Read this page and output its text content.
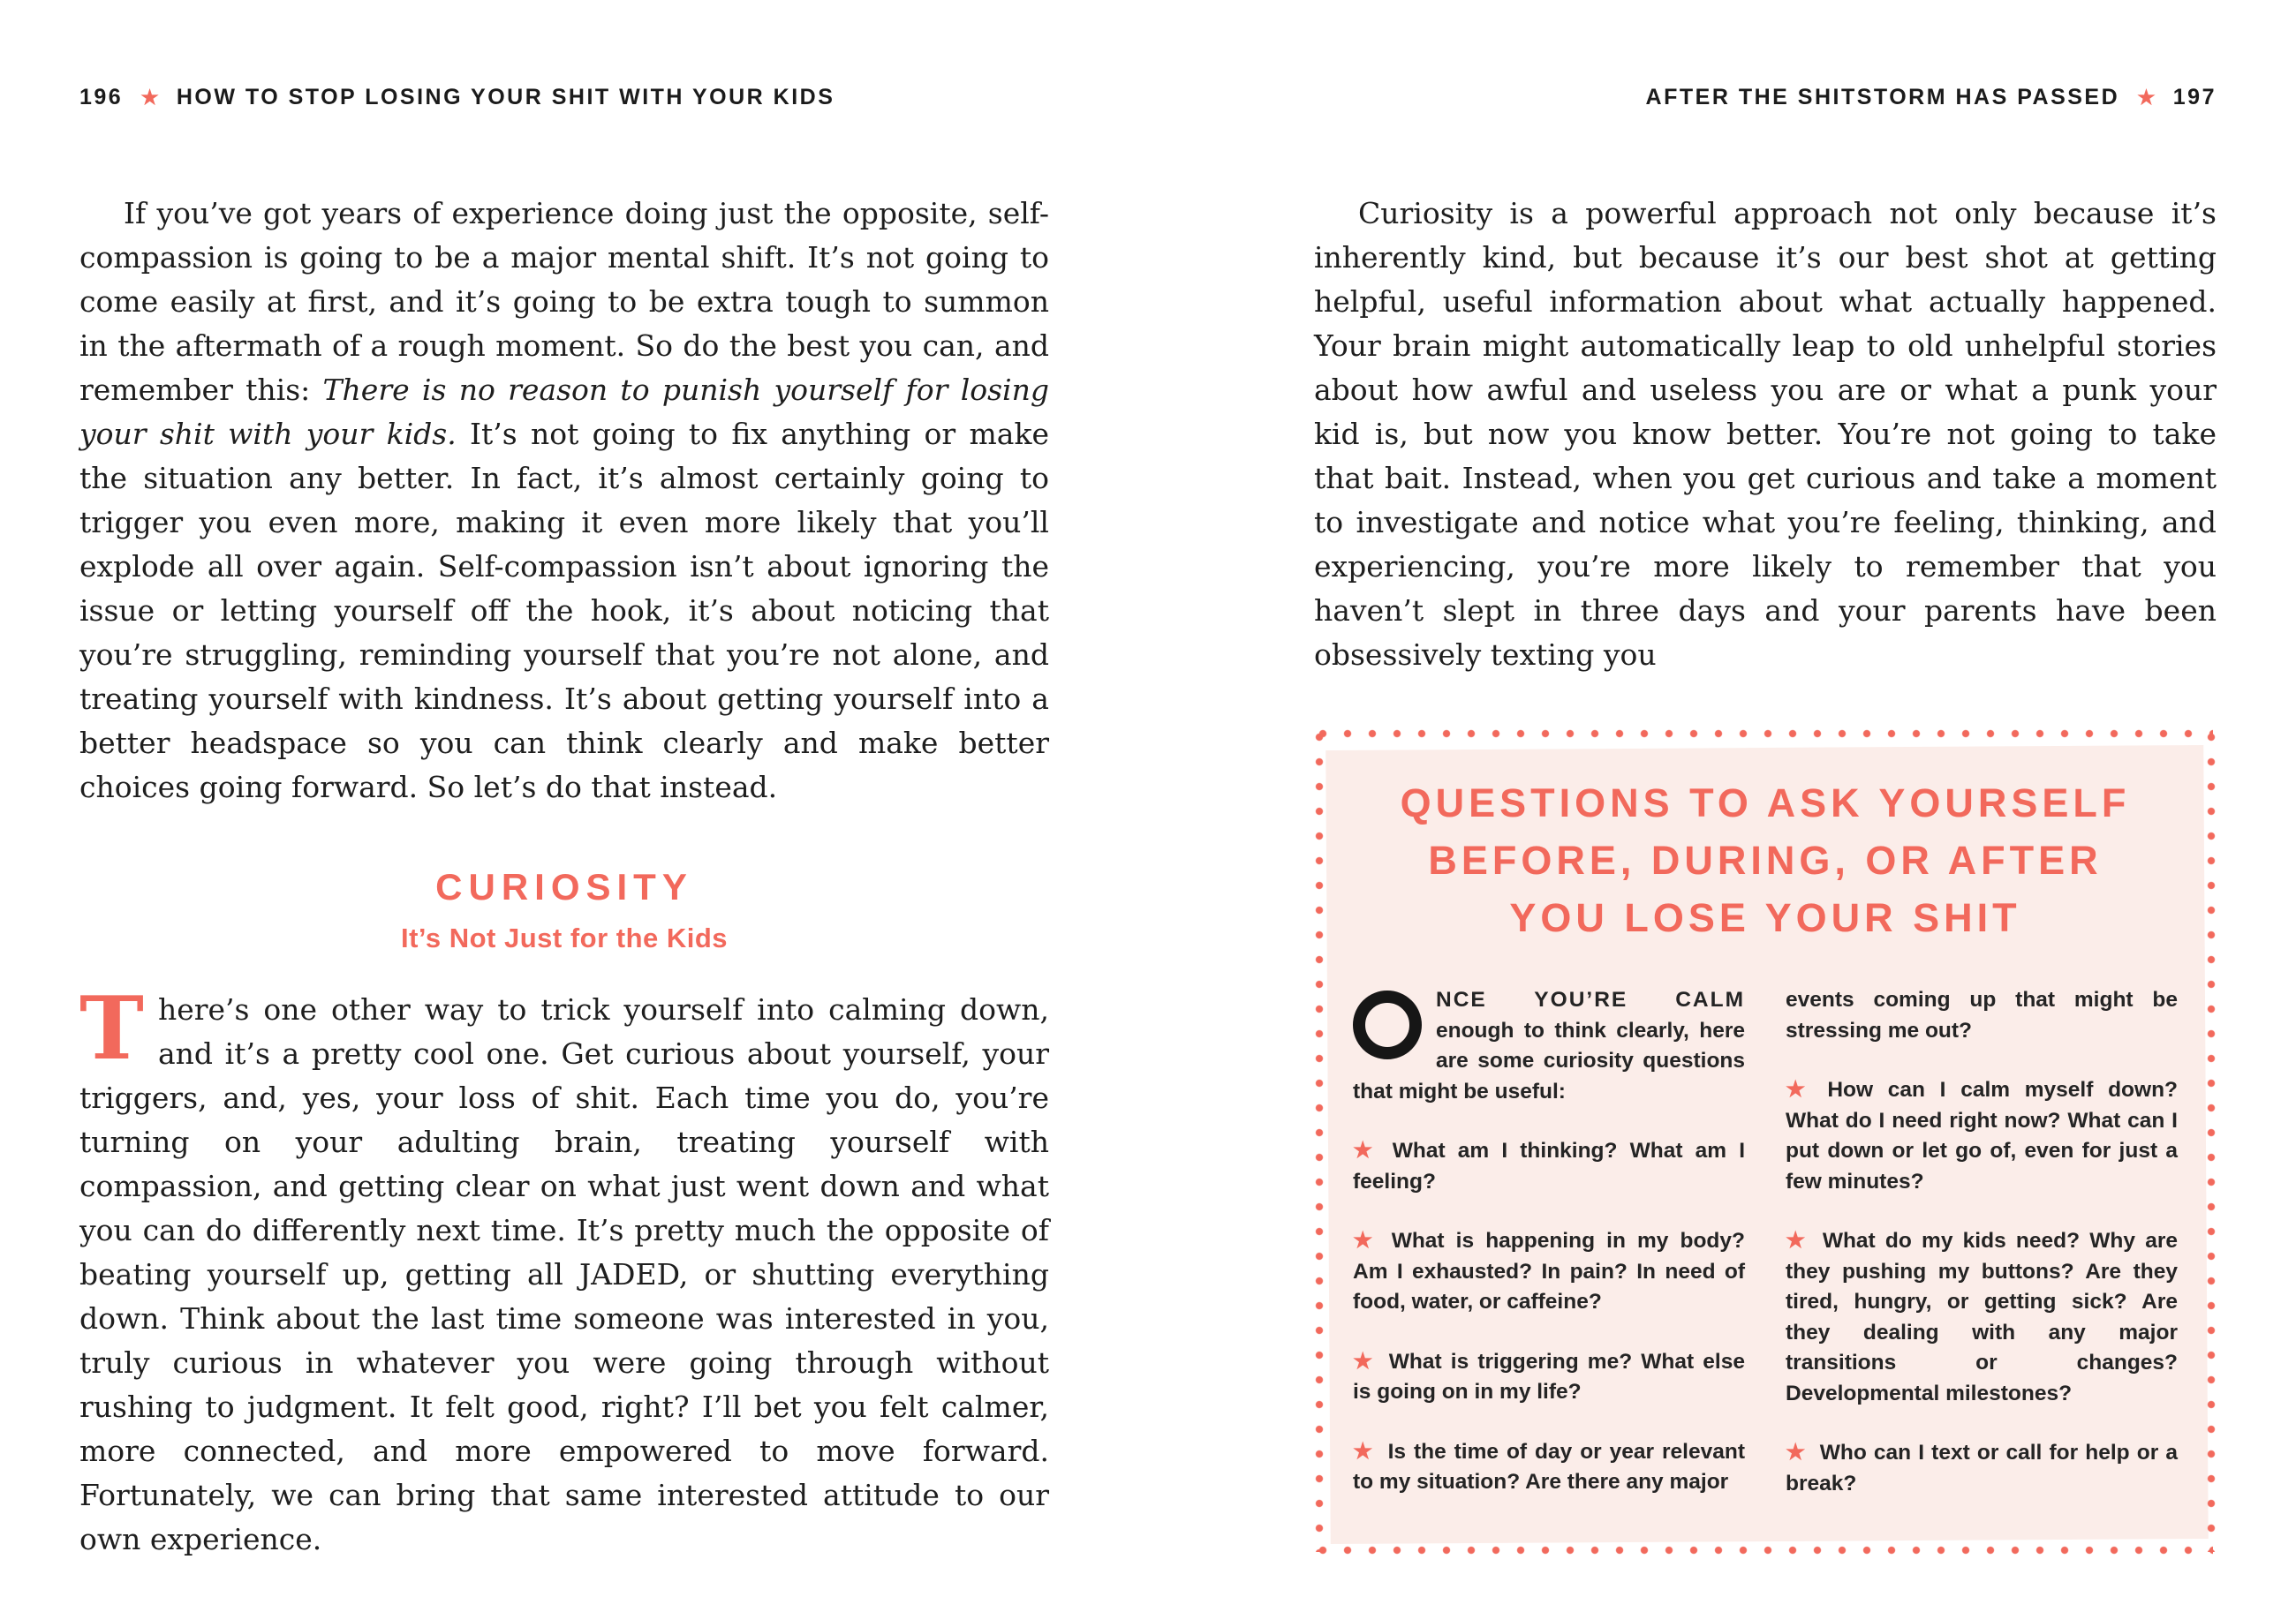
196 ★ HOW TO STOP LOSING YOUR SHIT WITH YOUR KIDS

If you’ve got years of experience doing just the opposite, self-compassion is going to be a major mental shift. It’s not going to come easily at first, and it’s going to be extra tough to summon in the aftermath of a rough moment. So do the best you can, and remember this: There is no reason to punish yourself for losing your shit with your kids. It’s not going to fix anything or make the situation any better. In fact, it’s almost certainly going to trigger you even more, making it even more likely that you’ll explode all over again. Self-compassion isn’t about ignoring the issue or letting yourself off the hook, it’s about noticing that you’re struggling, reminding yourself that you’re not alone, and treating yourself with kindness. It’s about getting yourself into a better headspace so you can think clearly and make better choices going forward. So let’s do that instead.

CURIOSITY
It’s Not Just for the Kids

There’s one other way to trick yourself into calming down, and it’s a pretty cool one. Get curious about yourself, your triggers, and, yes, your loss of shit. Each time you do, you’re turning on your adulting brain, treating yourself with compassion, and getting clear on what just went down and what you can do differently next time. It’s pretty much the opposite of beating yourself up, getting all JADED, or shutting everything down. Think about the last time someone was interested in you, truly curious in whatever you were going through without rushing to judgment. It felt good, right? I’ll bet you felt calmer, more connected, and more empowered to move forward. Fortunately, we can bring that same interested attitude to our own experience.

AFTER THE SHITSTORM HAS PASSED ★ 197

Curiosity is a powerful approach not only because it’s inherently kind, but because it’s our best shot at getting helpful, useful information about what actually happened. Your brain might automatically leap to old unhelpful stories about how awful and useless you are or what a punk your kid is, but now you know better. You’re not going to take that bait. Instead, when you get curious and take a moment to investigate and notice what you’re feeling, thinking, and experiencing, you’re more likely to remember that you haven’t slept in three days and your parents have been obsessively texting you

QUESTIONS TO ASK YOURSELF
BEFORE, DURING, OR AFTER
YOU LOSE YOUR SHIT

NCE YOU’RE CALM enough to think clearly, here are some curiosity questions that might be useful:

★ What am I thinking? What am I feeling?

★ What is happening in my body? Am I exhausted? In pain? In need of food, water, or caffeine?

★ What is triggering me? What else is going on in my life?

★ Is the time of day or year relevant to my situation? Are there any major

events coming up that might be stressing me out?

★ How can I calm myself down? What do I need right now? What can I put down or let go of, even for just a few minutes?

★ What do my kids need? Why are they pushing my buttons? Are they tired, hungry, or getting sick? Are they dealing with any major transitions or changes? Developmental milestones?

★ Who can I text or call for help or a break?
